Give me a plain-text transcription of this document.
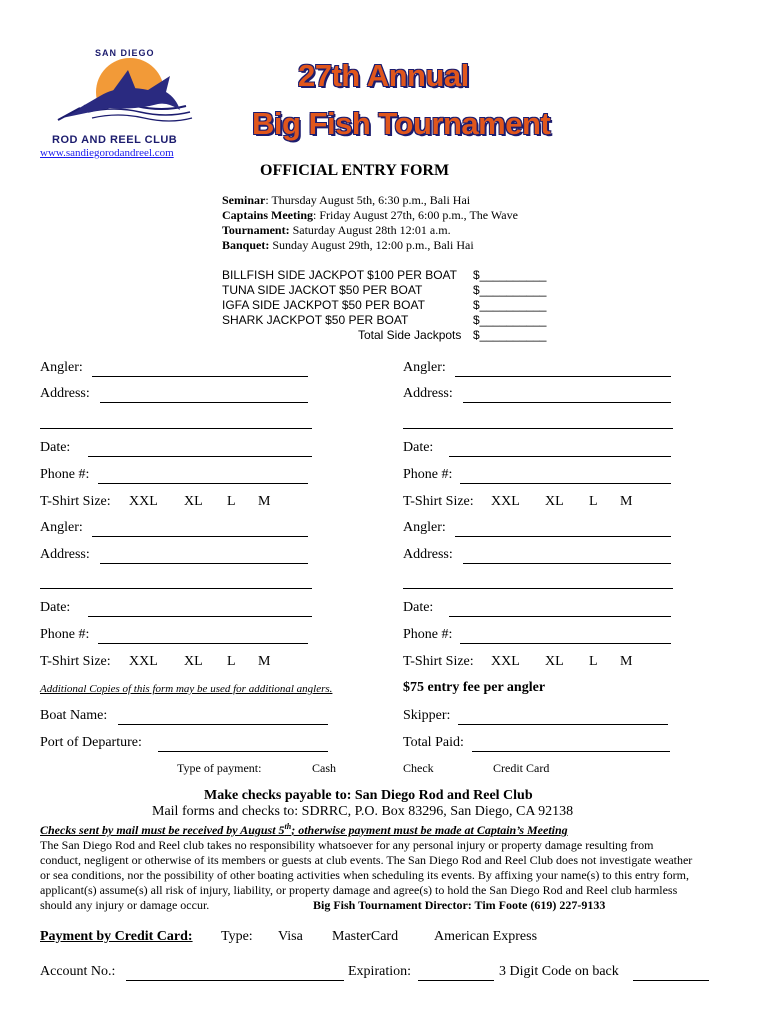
SAN DIEGO
ROD AND REEL CLUB
www.sandiegorodandreel.com
27th Annual
Big Fish Tournament
OFFICIAL ENTRY FORM
Seminar: Thursday August 5th, 6:30 p.m., Bali Hai
Captains Meeting: Friday August 27th, 6:00 p.m., The Wave
Tournament: Saturday August 28th 12:01 a.m.
Banquet: Sunday August 29th, 12:00 p.m., Bali Hai
BILLFISH SIDE JACKPOT $100 PER BOAT $__________
TUNA SIDE JACKOT $50 PER BOAT	$__________
IGFA SIDE JACKPOT $50 PER BOAT	$__________
SHARK JACKPOT $50 PER BOAT	$__________
Total Side Jackpots $__________
Angler:
Address:
Date:
Phone #:
T-Shirt Size: XXL XL L M
Angler:
Address:
Date:
Phone #:
T-Shirt Size: XXL XL L M
Angler:
Address:
Date:
Phone #:
T-Shirt Size: XXL XL L M
Angler:
Address:
Date:
Phone #:
T-Shirt Size: XXL XL L M
Additional Copies of this form may be used for additional anglers.	$75 entry fee per angler
Boat Name:	Skipper:
Port of Departure:	Total Paid:
Type of payment:	Cash	Check	Credit Card
Make checks payable to: San Diego Rod and Reel Club
Mail forms and checks to: SDRRC, P.O. Box 83296, San Diego, CA 92138
Checks sent by mail must be received by August 5th; otherwise payment must be made at Captain’s Meeting
The San Diego Rod and Reel club takes no responsibility whatsoever for any personal injury or property damage resulting from
conduct, negligent or otherwise of its members or guests at club events. The San Diego Rod and Reel Club does not investigate weather
or sea conditions, nor the possibility of other boating activities when scheduling its events. By affixing your name(s) to this entry form,
applicant(s) assume(s) all risk of injury, liability, or property damage and agree(s) to hold the San Diego Rod and Reel club harmless
should any injury or damage occur.	Big Fish Tournament Director: Tim Foote (619) 227-9133
Payment by Credit Card: Type: Visa MasterCard	American Express
Account No.:	Expiration:	3 Digit Code on back
